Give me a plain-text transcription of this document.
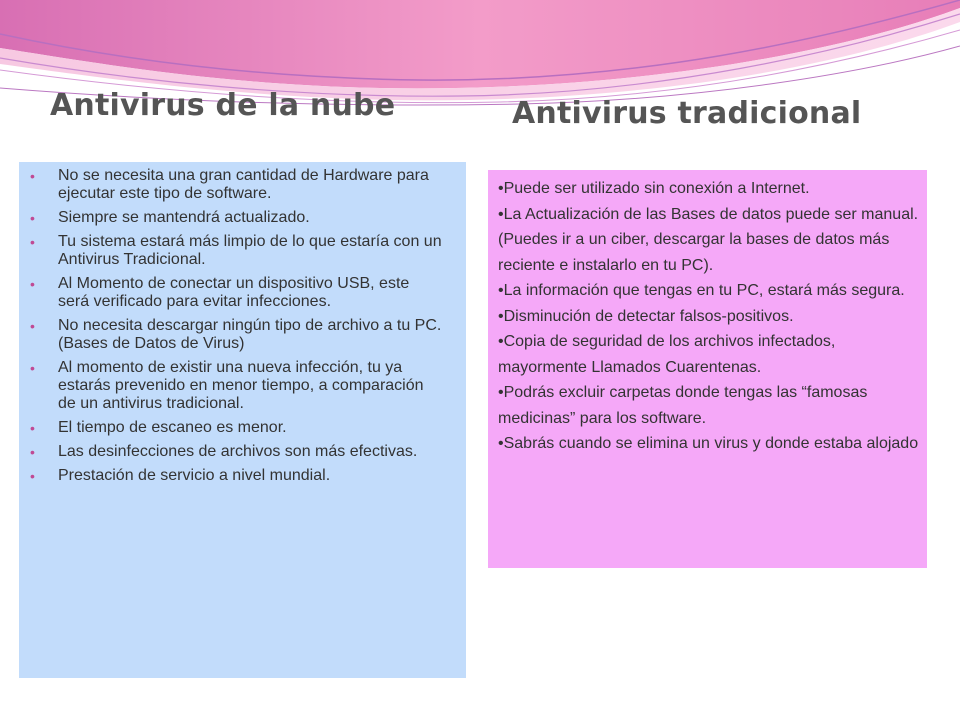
Antivirus de la nube	Antivirus tradicional
• No se necesita una gran cantidad de Hardware para ejecutar este tipo de software.
• Siempre se mantendrá actualizado.
• Tu sistema estará más limpio de lo que estaría con un Antivirus Tradicional.
• Al Momento de conectar un dispositivo USB, este será verificado para evitar infecciones.
• No necesita descargar ningún tipo de archivo a tu PC. (Bases de Datos de Virus)
• Al momento de existir una nueva infección, tu ya estarás prevenido en menor tiempo, a comparación de un antivirus tradicional.
• El tiempo de escaneo es menor.
• Las desinfecciones de archivos son más efectivas.
• Prestación de servicio a nivel mundial.

•Puede ser utilizado sin conexión a Internet.

•La Actualización de las Bases de datos puede ser manual. (Puedes ir a un ciber, descargar la bases de datos más reciente e instalarlo en tu PC).

•La información que tengas en tu PC, estará más segura.

•Disminución de detectar falsos-positivos.

•Copia de seguridad de los archivos infectados, mayormente Llamados Cuarentenas.

•Podrás excluir carpetas donde tengas las “famosas medicinas” para los software.

•Sabrás cuando se elimina un virus y donde estaba alojado
